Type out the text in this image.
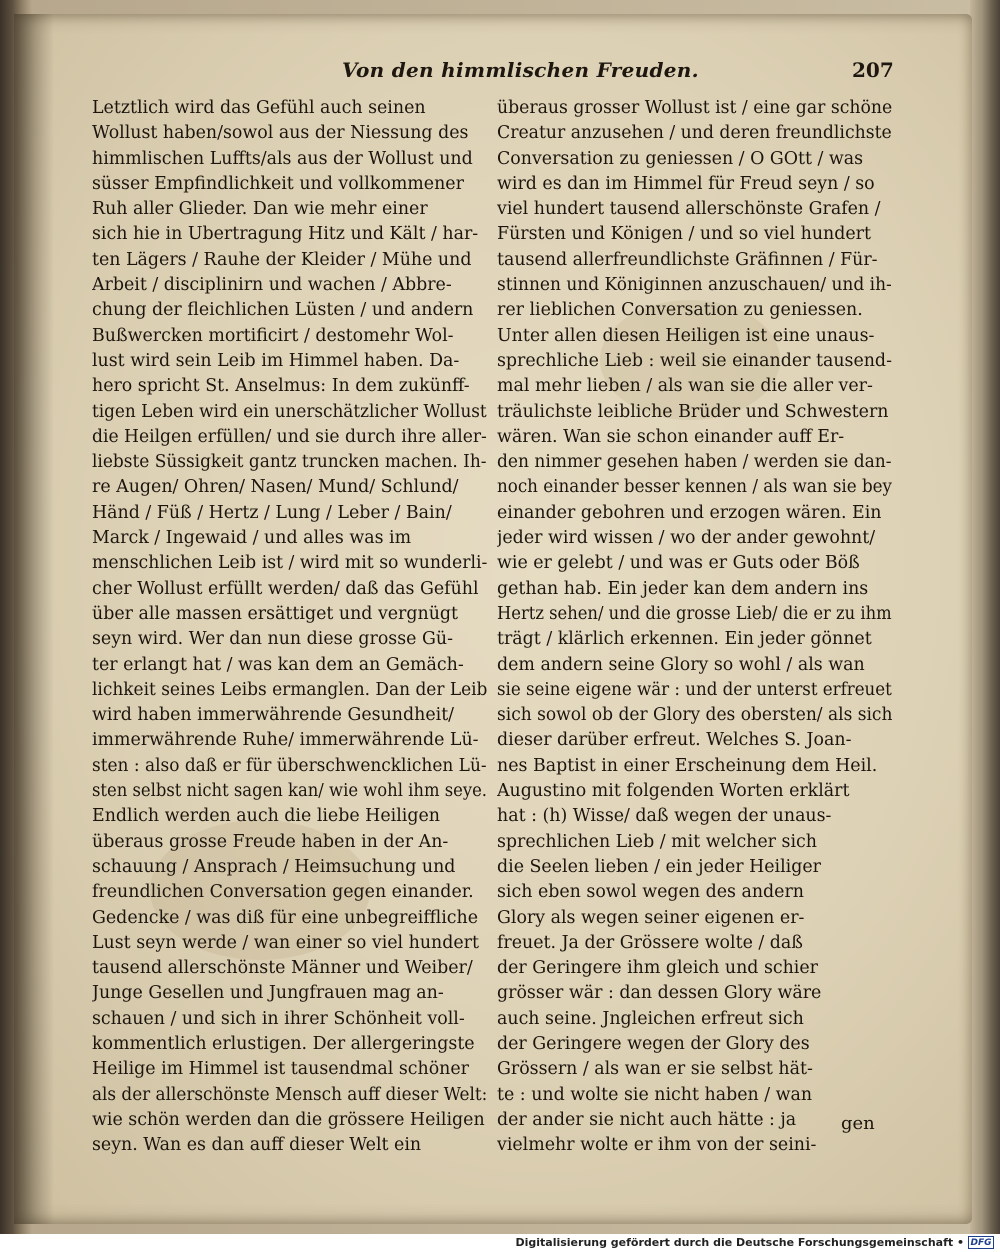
Von den himmlischen Freuden.	207
Letztlich wird das Gefühl auch seinen
Wollust haben/sowol aus der Niessung des
himmlischen Luffts/als aus der Wollust und
süsser Empfindlichkeit und vollkommener
Ruh aller Glieder. Dan wie mehr einer
sich hie in Ubertragung Hitz und Kält / har-
ten Lägers / Rauhe der Kleider / Mühe und
Arbeit / disciplinirn und wachen / Abbre-
chung der fleichlichen Lüsten / und andern
Bußwercken mortificirt / destomehr Wol-
lust wird sein Leib im Himmel haben. Da-
hero spricht St. Anselmus: In dem zukünff-
tigen Leben wird ein unerschätzlicher Wollust
die Heilgen erfüllen/ und sie durch ihre aller-
liebste Süssigkeit gantz truncken machen. Ih-
re Augen/ Ohren/ Nasen/ Mund/ Schlund/
Händ / Füß / Hertz / Lung / Leber / Bain/
Marck / Ingewaid / und alles was im
menschlichen Leib ist / wird mit so wunderli-
cher Wollust erfüllt werden/ daß das Gefühl
über alle massen ersättiget und vergnügt
seyn wird. Wer dan nun diese grosse Gü-
ter erlangt hat / was kan dem an Gemäch-
lichkeit seines Leibs ermanglen. Dan der Leib
wird haben immerwährende Gesundheit/
immerwährende Ruhe/ immerwährende Lü-
sten : also daß er für überschwencklichen Lü-
sten selbst nicht sagen kan/ wie wohl ihm seye.
Endlich werden auch die liebe Heiligen
überaus grosse Freude haben in der An-
schauung / Ansprach / Heimsuchung und
freundlichen Conversation gegen einander.
Gedencke / was diß für eine unbegreiffliche
Lust seyn werde / wan einer so viel hundert
tausend allerschönste Männer und Weiber/
Junge Gesellen und Jungfrauen mag an-
schauen / und sich in ihrer Schönheit voll-
kommentlich erlustigen. Der allergeringste
Heilige im Himmel ist tausendmal schöner
als der allerschönste Mensch auff dieser Welt:
wie schön werden dan die grössere Heiligen
seyn. Wan es dan auff dieser Welt ein
überaus grosser Wollust ist / eine gar schöne
Creatur anzusehen / und deren freundlichste
Conversation zu geniessen / O GOtt / was
wird es dan im Himmel für Freud seyn / so
viel hundert tausend allerschönste Grafen /
Fürsten und Königen / und so viel hundert
tausend allerfreundlichste Gräfinnen / Für-
stinnen und Königinnen anzuschauen/ und ih-
rer lieblichen Conversation zu geniessen.
Unter allen diesen Heiligen ist eine unaus-
sprechliche Lieb : weil sie einander tausend-
mal mehr lieben / als wan sie die aller ver-
träulichste leibliche Brüder und Schwestern
wären. Wan sie schon einander auff Er-
den nimmer gesehen haben / werden sie dan-
noch einander besser kennen / als wan sie bey
einander gebohren und erzogen wären. Ein
jeder wird wissen / wo der ander gewohnt/
wie er gelebt / und was er Guts oder Böß
gethan hab. Ein jeder kan dem andern ins
Hertz sehen/ und die grosse Lieb/ die er zu ihm
trägt / klärlich erkennen. Ein jeder gönnet
dem andern seine Glory so wohl / als wan
sie seine eigene wär : und der unterst erfreuet
sich sowol ob der Glory des obersten/ als sich
dieser darüber erfreut. Welches S. Joan-
nes Baptist in einer Erscheinung dem Heil.
Augustino mit folgenden Worten erklärt
hat : (h) Wisse/ daß wegen der unaus-
sprechlichen Lieb / mit welcher sich
die Seelen lieben / ein jeder Heiliger
sich eben sowol wegen des andern
Glory als wegen seiner eigenen er-
freuet. Ja der Grössere wolte / daß
der Geringere ihm gleich und schier
grösser wär : dan dessen Glory wäre
auch seine. Jngleichen erfreut sich
der Geringere wegen der Glory des
Grössern / als wan er sie selbst hät-
te : und wolte sie nicht haben / wan
der ander sie nicht auch hätte : ja
vielmehr wolte er ihm von der seini-
gen
Digitalisierung gefördert durch die Deutsche Forschungsgemeinschaft • DFG
